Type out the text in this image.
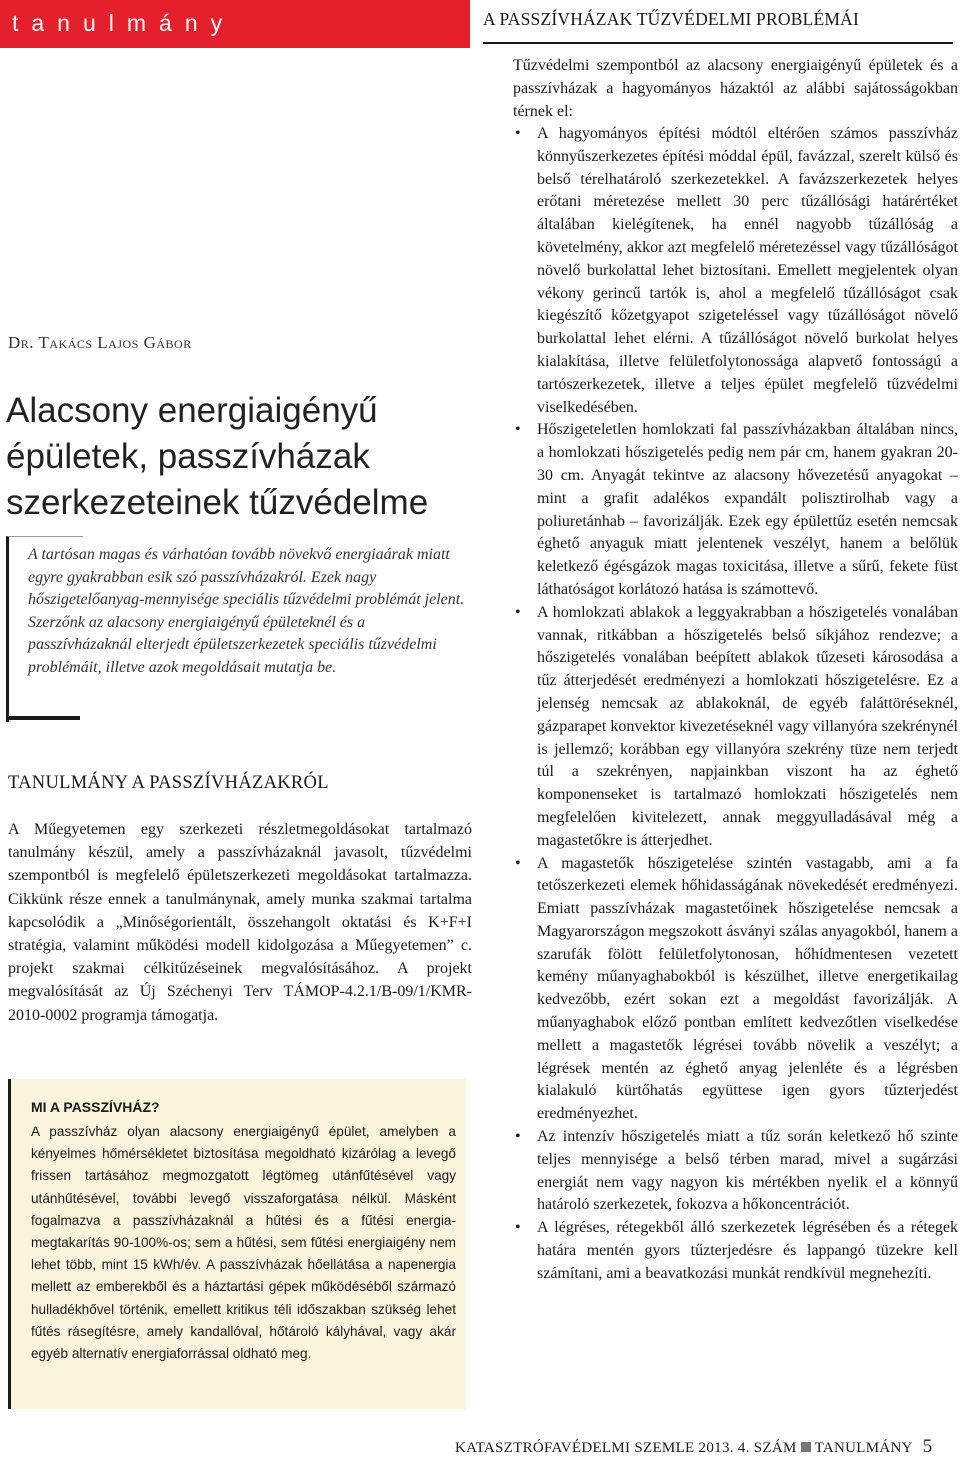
tanulmány
Dr. Takács Lajos Gábor
Alacsony energiaigényű épületek, passzívházak szerkezeteinek tűzvédelme

A tartósan magas és várhatóan tovább növekvő energiaárak miatt egyre gyakrabban esik szó passzívházakról. Ezek nagy hőszigetelőanyag-mennyisége speciális tűzvédelmi problémát jelent. Szerzőnk az alacsony energiaigényű épületeknél és a passzívházaknál elterjedt épületszerkezetek speciális tűzvédelmi problémáit, illetve azok megoldásait mutatja be.

TANULMÁNY A PASSZÍVHÁZAKRÓL

A Műegyetemen egy szerkezeti részletmegoldásokat tartalmazó tanulmány készül, amely a passzívházaknál javasolt, tűzvédelmi szempontból is megfelelő épületszerkezeti megoldásokat tartalmazza. Cikkünk része ennek a tanulmánynak, amely munka szakmai tartalma kapcsolódik a „Minőségorientált, összehangolt oktatási és K+F+I stratégia, valamint működési modell kidolgozása a Műegyetemen” c. projekt szakmai célkitűzéseinek megvalósításához. A projekt megvalósítását az Új Széchenyi Terv TÁMOP-4.2.1/B-09/1/KMR-2010-0002 programja támogatja.

MI A PASSZÍVHÁZ?

A passzívház olyan alacsony energiaigényű épület, amelyben a kényelmes hőmérsékletet biztosítása megoldható kizárólag a levegő frissen tartásához megmozgatott légtömeg utánfűtésével vagy utánhűtésével, további levegő visszaforgatása nélkül. Másként fogalmazva a passzívházaknál a hűtési és a fűtési energia-megtakarítás 90-100%-os; sem a hűtési, sem fűtési energiaigény nem lehet több, mint 15 kWh/év. A passzívházak hőellátása a napenergia mellett az emberekből és a háztartási gépek működéséből származó hulladékhővel történik, emellett kritikus téli időszakban szükség lehet fűtés rásegítésre, amely kandallóval, hőtároló kályhával, vagy akár egyéb alternatív energiaforrással oldható meg.

A PASSZÍVHÁZAK TŰZVÉDELMI PROBLÉMÁI

Tűzvédelmi szempontból az alacsony energiaigényű épületek és a passzívházak a hagyományos házaktól az alábbi sajátosságokban térnek el:

• A hagyományos építési módtól eltérően számos passzívház könnyűszerkezetes építési móddal épül, favázzal, szerelt külső és belső térelhatároló szerkezetekkel. A favázszerkezetek helyes erőtani méretezése mellett 30 perc tűzállósági határértéket általában kielégítenek, ha ennél nagyobb tűzállóság a követelmény, akkor azt megfelelő méretezéssel vagy tűzállóságot növelő burkolattal lehet biztosítani. Emellett megjelentek olyan vékony gerincű tartók is, ahol a megfelelő tűzállóságot csak kiegészítő kőzetgyapot szigeteléssel vagy tűzállóságot növelő burkolattal lehet elérni. A tűzállóságot növelő burkolat helyes kialakítása, illetve felületfolytonossága alapvető fontosságú a tartószerkezetek, illetve a teljes épület megfelelő tűzvédelmi viselkedésében.
• Hőszigeteletlen homlokzati fal passzívházakban általában nincs, a homlokzati hőszigetelés pedig nem pár cm, hanem gyakran 20-30 cm. Anyagát tekintve az alacsony hővezetésű anyagokat – mint a grafit adalékos expandált polisztirolhab vagy a poliuretánhab – favorizálják. Ezek egy épülettűz esetén nemcsak éghető anyaguk miatt jelentenek veszélyt, hanem a belőlük keletkező égésgázok magas toxicitása, illetve a sűrű, fekete füst láthatóságot korlátozó hatása is számottevő.
• A homlokzati ablakok a leggyakrabban a hőszigetelés vonalában vannak, ritkábban a hőszigetelés belső síkjához rendezve; a hőszigetelés vonalában beépített ablakok tűzeseti károsodása a tűz átterjedését eredményezi a homlokzati hőszigetelésre. Ez a jelenség nemcsak az ablakoknál, de egyéb faláttöréseknél, gázparapet konvektor kivezetéseknél vagy villanyóra szekrénynél is jellemző; korábban egy villanyóra szekrény tüze nem terjedt túl a szekrényen, napjainkban viszont ha az éghető komponenseket is tartalmazó homlokzati hőszigetelés nem megfelelően kivitelezett, annak meggyulladásával még a magastetőkre is átterjedhet.
• A magastetők hőszigetelése szintén vastagabb, ami a fa tetőszerkezeti elemek hőhidasságának növekedését eredményezi. Emiatt passzívházak magastetőinek hőszigetelése nemcsak a Magyarországon megszokott ásványi szálas anyagokból, hanem a szarufák fölött felületfolytonosan, hőhídmentesen vezetett kemény műanyaghabokból is készülhet, illetve energetikailag kedvezőbb, ezért sokan ezt a megoldást favorizálják. A műanyaghabok előző pontban említett kedvezőtlen viselkedése mellett a magastetők légrései tovább növelik a veszélyt; a légrések mentén az éghető anyag jelenléte és a légrésben kialakuló kürtőhatás együttese igen gyors tűzterjedést eredményezhet.
• Az intenzív hőszigetelés miatt a tűz során keletkező hő szinte teljes mennyisége a belső térben marad, mivel a sugárzási energiát nem vagy nagyon kis mértékben nyelik el a könnyű határoló szerkezetek, fokozva a hőkoncentrációt.
• A légréses, rétegekből álló szerkezetek légrésében és a rétegek határa mentén gyors tűzterjedésre és lappangó tüzekre kell számítani, ami a beavatkozási munkát rendkívül megnehezíti.
KATASZTRÓFAVÉDELMI SZEMLE 2013. 4. SZÁM TANULMÁNY 5
